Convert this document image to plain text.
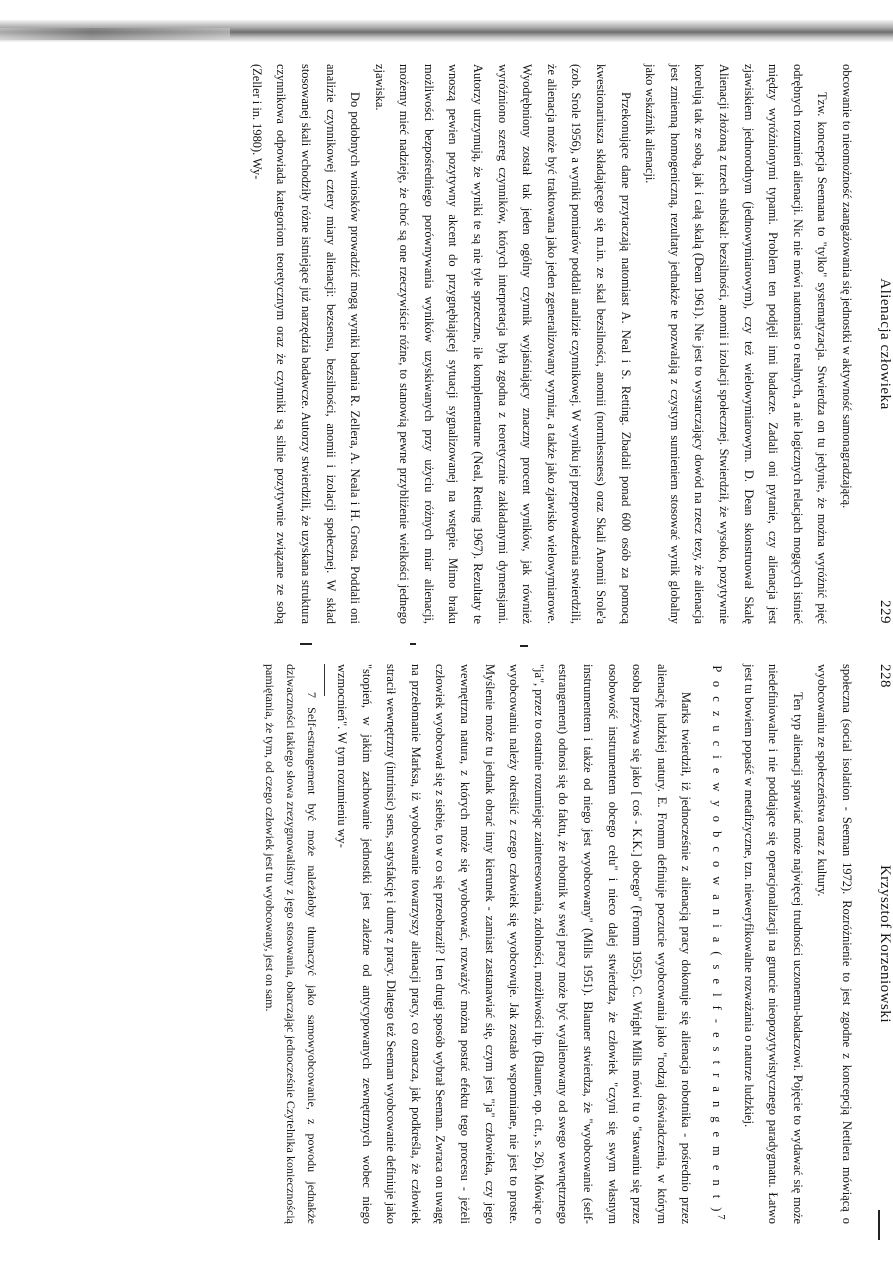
228
Krzysztof Korzeniowski

społeczna (social isolation - Seeman 1972). Rozróżnienie to jest zgodne z koncepcją Nettlera mówiącą o wyobcowaniu ze społeczeństwa oraz z kultury.

Ten typ alienacji sprawiać może najwięcej trudności uczonemu-badaczowi. Pojęcie to wydawać się może niedefiniowalne i nie poddające się operacjonalizacji na gruncie nieopozytywistycznego paradygmatu. Łatwo jest tu bowiem popaść w metafizyczne, tzn. nieweryfikowalne rozważania o naturze ludzkiej.

P o c z u c i e w y o b c o w a n i a ( s e l f - e s t r a n g e m e n t )$^7$

Marks twierdził, iż jednocześnie z alienacją pracy dokonuje się alienacja robotnika - pośrednio przez alienację ludzkiej natury. E. Fromm definiuje poczucie wyobcowania jako "rodzaj doświadczenia, w którym osoba przeżywa się jako [ coś - K.K.] obcego" (Fromm 1955). C. Wright Mills mówi tu o "stawaniu się przez osobowość instrumentem obcego celu" i nieco dalej stwierdza, że człowiek "czyni się swym własnym instrumentem i także od niego jest wyobcowany" (Mills 1951). Blauner stwierdza, że "wyobcowanie (self-estrangement) odnosi się do faktu, że robotnik w swej pracy może być wyalienowany od swego wewnętrznego "ja", przez to ostatnie rozumiejąc zainteresowania, zdolności, możliwości itp. (Blauner, op. cit., s. 26). Mówiąc o wyobcowaniu należy określić z czego człowiek się wyobcowuje. Jak zostało wspomniane, nie jest to proste. Myślenie może tu jednak obrać inny kierunek - zamiast zastanawiać się, czym jest "ja" człowieka, czy jego wewnętrzna natura, z których może się wyobcować, rozważyć można postać efektu tego procesu - jeżeli człowiek wyobcował się z siebie, to w co się przeobraził? I ten drugi sposób wybrał Seeman. Zwraca on uwagę na przełomanie Marksa, iż wyobcowanie towarzyszy alienacji pracy, co oznacza, jak podkreśla, że człowiek stracił wewnętrzny (intrinsic) sens, satysfakcję i dumę z pracy. Dlatego też Seeman wyobcowanie definiuje jako "stopień, w jakim zachowanie jednostki jest zależne od antycypowanych zewnętrznych wobec niego wzmocnień". W tym rozumieniu wy-

7 Self-estrangement być może należałoby tłumaczyć jako samowyobcowanie, z powodu jednakże dziwaczności takiego słowa zrezygnowaliśmy z jego stosowania, obarczając jednocześnie Czytelnika koniecznością pamiętania, że tym, od czego człowiek jest tu wyobcowany, jest on sam.

Alienacja człowieka
229

obcowanie to nieomożność zaangażowania się jednostki w aktywność samonagradzającą.

Tzw. koncepcja Seemana to "tylko" systematyzacja. Stwierdza on tu jedynie, że można wyróżnić pięć odrębnych rozumień alienacji. Nic nie mówi natomiast o realnych, a nie logicznych relacjach mogących istnieć między wyróżnionymi typami. Problem ten podjęli inni badacze. Zadali oni pytanie, czy alienacja jest zjawiskiem jednorodnym (jednowymiarowym), czy też wielowymiarowym. D. Dean skonstruował Skalę Alienacji złożoną z trzech subskal: bezsilności, anomii i izolacji społecznej. Stwierdził, że wysoko, pozytywnie korelują tak ze sobą, jak i całą skalą (Dean 1961). Nie jest to wystarczający dowód na rzecz tezy, że alienacja jest zmienną homogeniczną, rezultaty jednakże te pozwalają z czystym sumieniem stosować wynik globalny jako wskaźnik alienacji.

Przekonujące dane przytaczają natomiast A. Neal i S. Retting. Zbadali ponad 600 osób za pomocą kwestionariusza składającego się m.in. ze skal bezsilności, anomii (normlessness) oraz Skali Anomii Srole'a (zob. Srole 1956), a wyniki pomiarów poddali analizie czynnikowej. W wyniku jej przeprowadzenia stwierdzili, że alienacja może być traktowana jako jeden zgeneralizowany wymiar, a także jako zjawisko wielowymiarowe. Wyodrębniony został tak jeden ogólny czynnik wyjaśniający znaczny procent wyników, jak również wyróżniono szereg czynników, których interpretacja była zgodna z teoretycznie zakładanymi dymensjami. Autorzy utrzymują, że wyniki te są nie tyle sprzeczne, ile komplementarne (Neal, Retting 1967). Rezultaty te wnoszą pewien pozytywny akcent do przygnębiającej sytuacji sygnalizowanej na wstępie. Mimo braku możliwości bezpośredniego porównywania wyników uzyskiwanych przy użyciu różnych miar alienacji, możemy mieć nadzieję, że choć są one rzeczywiście różne, to stanowią pewne przybliżenie wielkości jednego zjawiska.

Do podobnych wniosków prowadzić mogą wyniki badania R. Zellera, A. Neala i H. Grosta. Poddali oni analizie czynnikowej cztery miary alienacji: bezsensu, bezsilności, anomii i izolacji społecznej. W skład stosowanej skali wchodziły różne istniejące już narzędzia badawcze. Autorzy stwierdzili, że uzyskana struktura czynnikowa odpowiada kategoriom teoretycznym oraz że czynniki są silnie pozytywnie związane ze sobą (Zeller i in. 1980). Wy-
